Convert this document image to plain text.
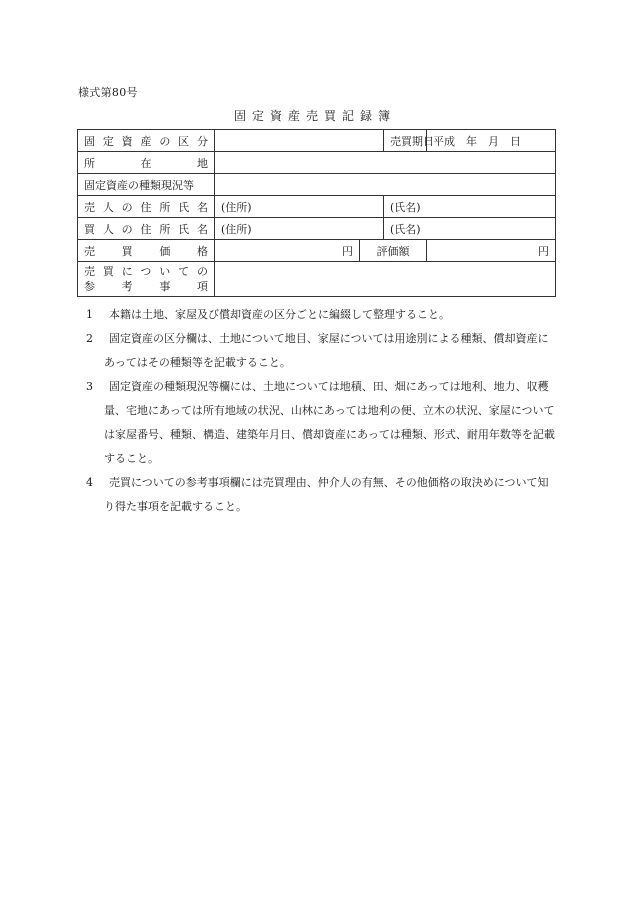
様式第80号
固定資産売買記録簿
固定資産の区分			売買期日	平成　年　月　日
所在地				
固定資産の種類現況等				
売人の住所氏名	(住所)		(氏名)	
買人の住所氏名	(住所)		(氏名)	
売買価格	円	評価額		円

売買についての
参考事項				

1	本籍は土地、家屋及び償却資産の区分ごとに編綴して整理すること。
2	固定資産の区分欄は、土地について地目、家屋については用途別による種類、償却資産にあってはその種類等を記載すること。
3	固定資産の種類現況等欄には、土地については地積、田、畑にあっては地利、地力、収穫量、宅地にあっては所有地域の状況、山林にあっては地利の便、立木の状況、家屋については家屋番号、種類、構造、建築年月日、償却資産にあっては種類、形式、耐用年数等を記載すること。
4	売買についての参考事項欄には売買理由、仲介人の有無、その他価格の取決めについて知り得た事項を記載すること。
